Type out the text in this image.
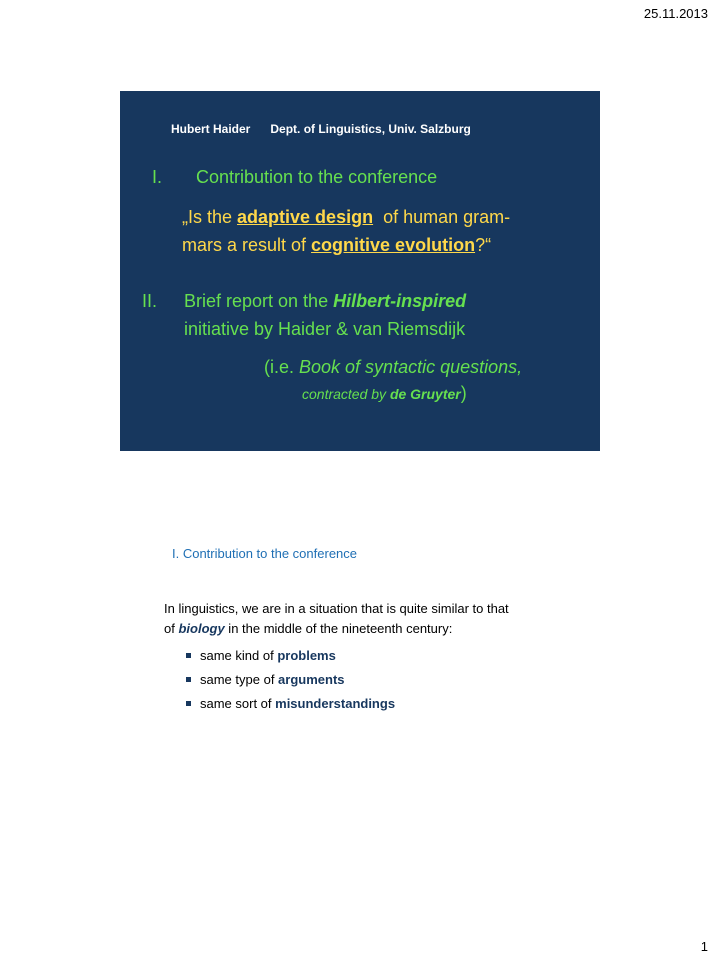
25.11.2013
Hubert Haider Dept. of Linguistics, Univ. Salzburg
I. Contribution to the conference
„Is the adaptive design  of human gram-
mars a result of cognitive evolution?“
II. Brief report on the Hilbert-inspired
initiative by Haider & van Riemsdijk
(i.e. Book of syntactic questions,
contracted by de Gruyter)
I. Contribution to the conference
In linguistics, we are in a situation that is quite similar to that
of biology in the middle of the nineteenth century:
same kind of problems
same type of arguments
same sort of misunderstandings
1
